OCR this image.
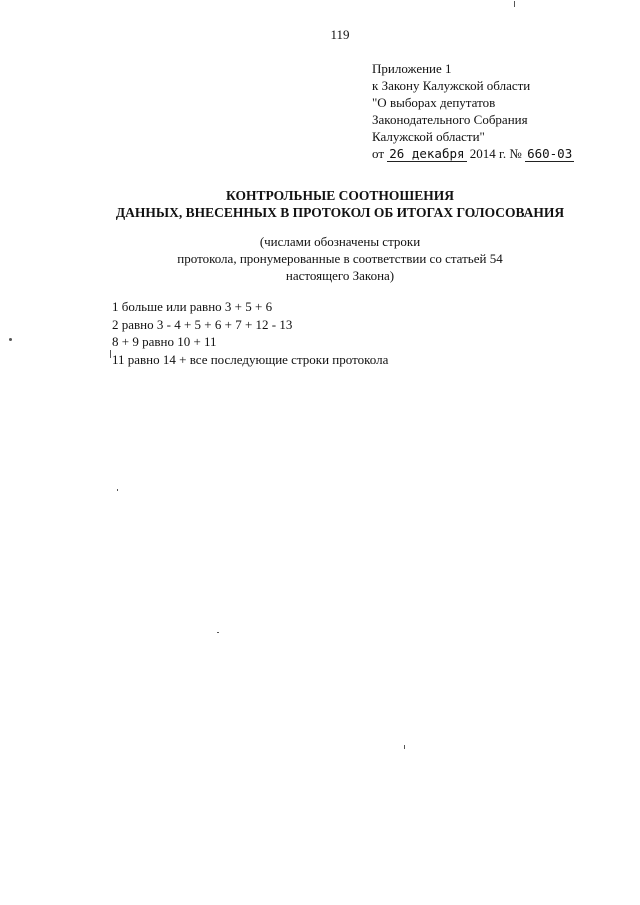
119
Приложение 1
к Закону Калужской области
"О выборах депутатов
Законодательного Собрания
Калужской области"
от 26 декабря 2014 г. № 660-03
КОНТРОЛЬНЫЕ СООТНОШЕНИЯ
ДАННЫХ, ВНЕСЕННЫХ В ПРОТОКОЛ ОБ ИТОГАХ ГОЛОСОВАНИЯ
(числами обозначены строки
протокола, пронумерованные в соответствии со статьей 54
настоящего Закона)
1 больше или равно 3 + 5 + 6
2 равно 3 - 4 + 5 + 6 + 7 + 12 - 13
8 + 9 равно 10 + 11
11 равно 14 + все последующие строки протокола
